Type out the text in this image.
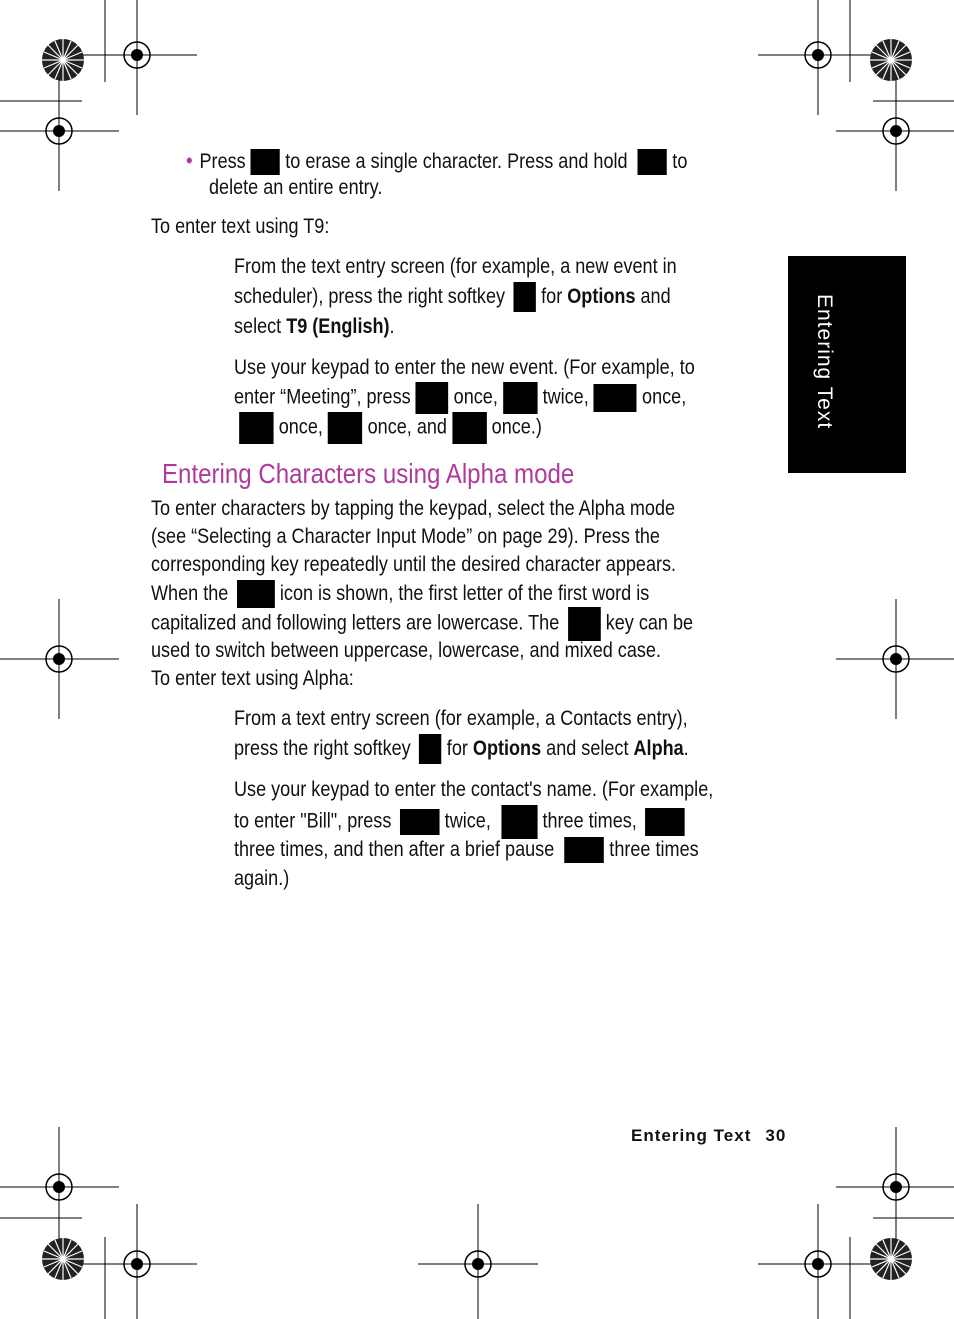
Entering Text
• Press to erase a single character. Press and hold to
delete an entire entry.
To enter text using T9:
From the text entry screen (for example, a new event in
scheduler), press the right softkey for Options and
select T9 (English).
Use your keypad to enter the new event. (For example, to
enter “Meeting”, press once, twice,	once,
once, once, and once.)
Entering Characters using Alpha mode
To enter characters by tapping the keypad, select the Alpha mode
(see “Selecting a Character Input Mode” on page 29). Press the
corresponding key repeatedly until the desired character appears.
When the icon is shown, the first letter of the first word is
capitalized and following letters are lowercase. The key can be
used to switch between uppercase, lowercase, and mixed case.
To enter text using Alpha:
From a text entry screen (for example, a Contacts entry),
press the right softkey for Options and select Alpha.
Use your keypad to enter the contact's name. (For example,
to enter "Bill", press	twice, three times,
three times, and then after a brief pause	three times
again.)
Entering Text 30
